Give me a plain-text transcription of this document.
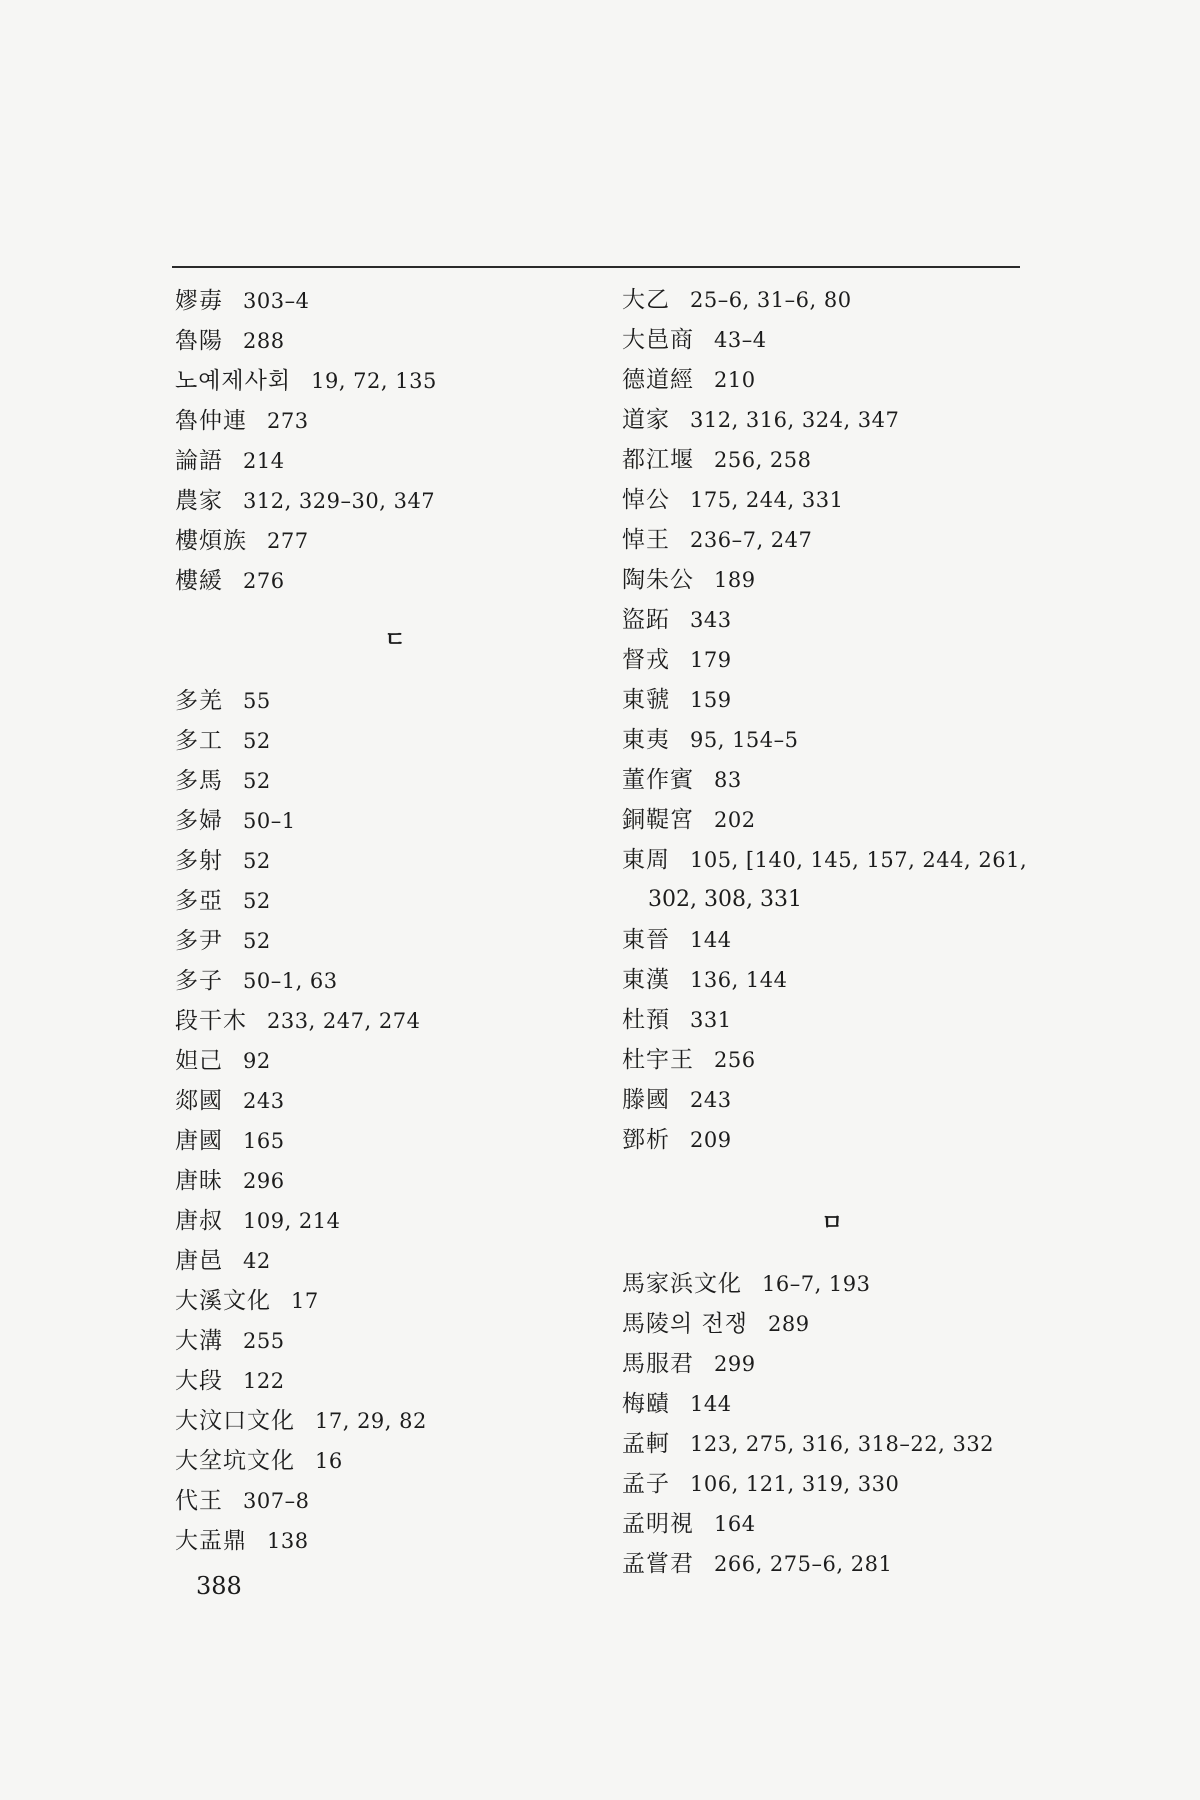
嫪毐 303–4
魯陽 288
노예제사회 19, 72, 135
魯仲連 273
論語 214
農家 312, 329–30, 347
樓煩族 277
樓緩 276
ㄷ
多羌 55
多工 52
多馬 52
多婦 50–1
多射 52
多亞 52
多尹 52
多子 50–1, 63
段干木 233, 247, 274
妲己 92
郯國 243
唐國 165
唐昧 296
唐叔 109, 214
唐邑 42
大溪文化 17
大溝 255
大段 122
大汶口文化 17, 29, 82
大坌坑文化 16
代王 307–8
大盂鼎 138
大乙 25–6, 31–6, 80
大邑商 43–4
德道經 210
道家 312, 316, 324, 347
都江堰 256, 258
悼公 175, 244, 331
悼王 236–7, 247
陶朱公 189
盜跖 343
督戎 179
東虢 159
東夷 95, 154–5
董作賓 83
銅鞮宮 202
東周 105, [140, 145, 157, 244, 261,
302, 308, 331
東晉 144
東漢 136, 144
杜預 331
杜宇王 256
滕國 243
鄧析 209
ㅁ
馬家浜文化 16–7, 193
馬陵의 전쟁 289
馬服君 299
梅賾 144
孟軻 123, 275, 316, 318–22, 332
孟子 106, 121, 319, 330
孟明視 164
孟嘗君 266, 275–6, 281
388
